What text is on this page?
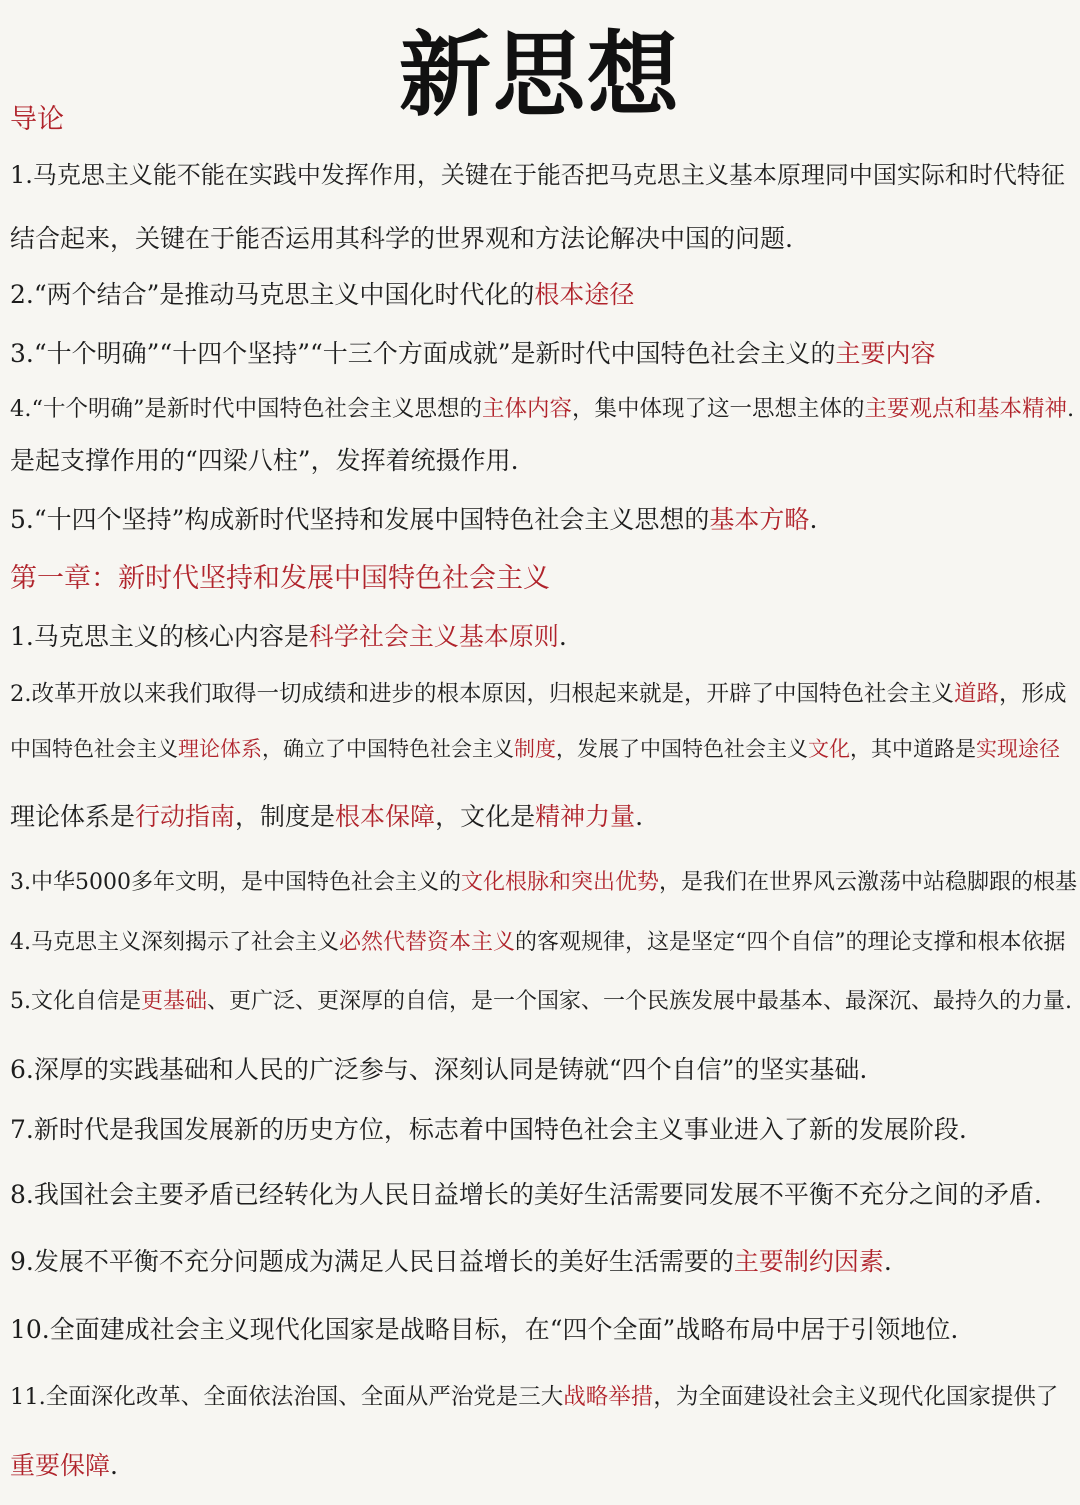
新思想
导论
1.马克思主义能不能在实践中发挥作用，关键在于能否把马克思主义基本原理同中国实际和时代特征
结合起来，关键在于能否运用其科学的世界观和方法论解决中国的问题.
2.“两个结合”是推动马克思主义中国化时代化的根本途径
3.“十个明确”“十四个坚持”“十三个方面成就”是新时代中国特色社会主义的主要内容
4.“十个明确”是新时代中国特色社会主义思想的主体内容，集中体现了这一思想主体的主要观点和基本精神.
是起支撑作用的“四梁八柱”，发挥着统摄作用.
5.“十四个坚持”构成新时代坚持和发展中国特色社会主义思想的基本方略.
第一章：新时代坚持和发展中国特色社会主义
1.马克思主义的核心内容是科学社会主义基本原则.
2.改革开放以来我们取得一切成绩和进步的根本原因，归根起来就是，开辟了中国特色社会主义道路，形成
中国特色社会主义理论体系，确立了中国特色社会主义制度，发展了中国特色社会主义文化，其中道路是实现途径
理论体系是行动指南，制度是根本保障，文化是精神力量.
3.中华5000多年文明，是中国特色社会主义的文化根脉和突出优势，是我们在世界风云激荡中站稳脚跟的根基
4.马克思主义深刻揭示了社会主义必然代替资本主义的客观规律，这是坚定“四个自信”的理论支撑和根本依据
5.文化自信是更基础、更广泛、更深厚的自信，是一个国家、一个民族发展中最基本、最深沉、最持久的力量.
6.深厚的实践基础和人民的广泛参与、深刻认同是铸就“四个自信”的坚实基础.
7.新时代是我国发展新的历史方位，标志着中国特色社会主义事业进入了新的发展阶段.
8.我国社会主要矛盾已经转化为人民日益增长的美好生活需要同发展不平衡不充分之间的矛盾.
9.发展不平衡不充分问题成为满足人民日益增长的美好生活需要的主要制约因素.
10.全面建成社会主义现代化国家是战略目标，在“四个全面”战略布局中居于引领地位.
11.全面深化改革、全面依法治国、全面从严治党是三大战略举措，为全面建设社会主义现代化国家提供了
重要保障.
